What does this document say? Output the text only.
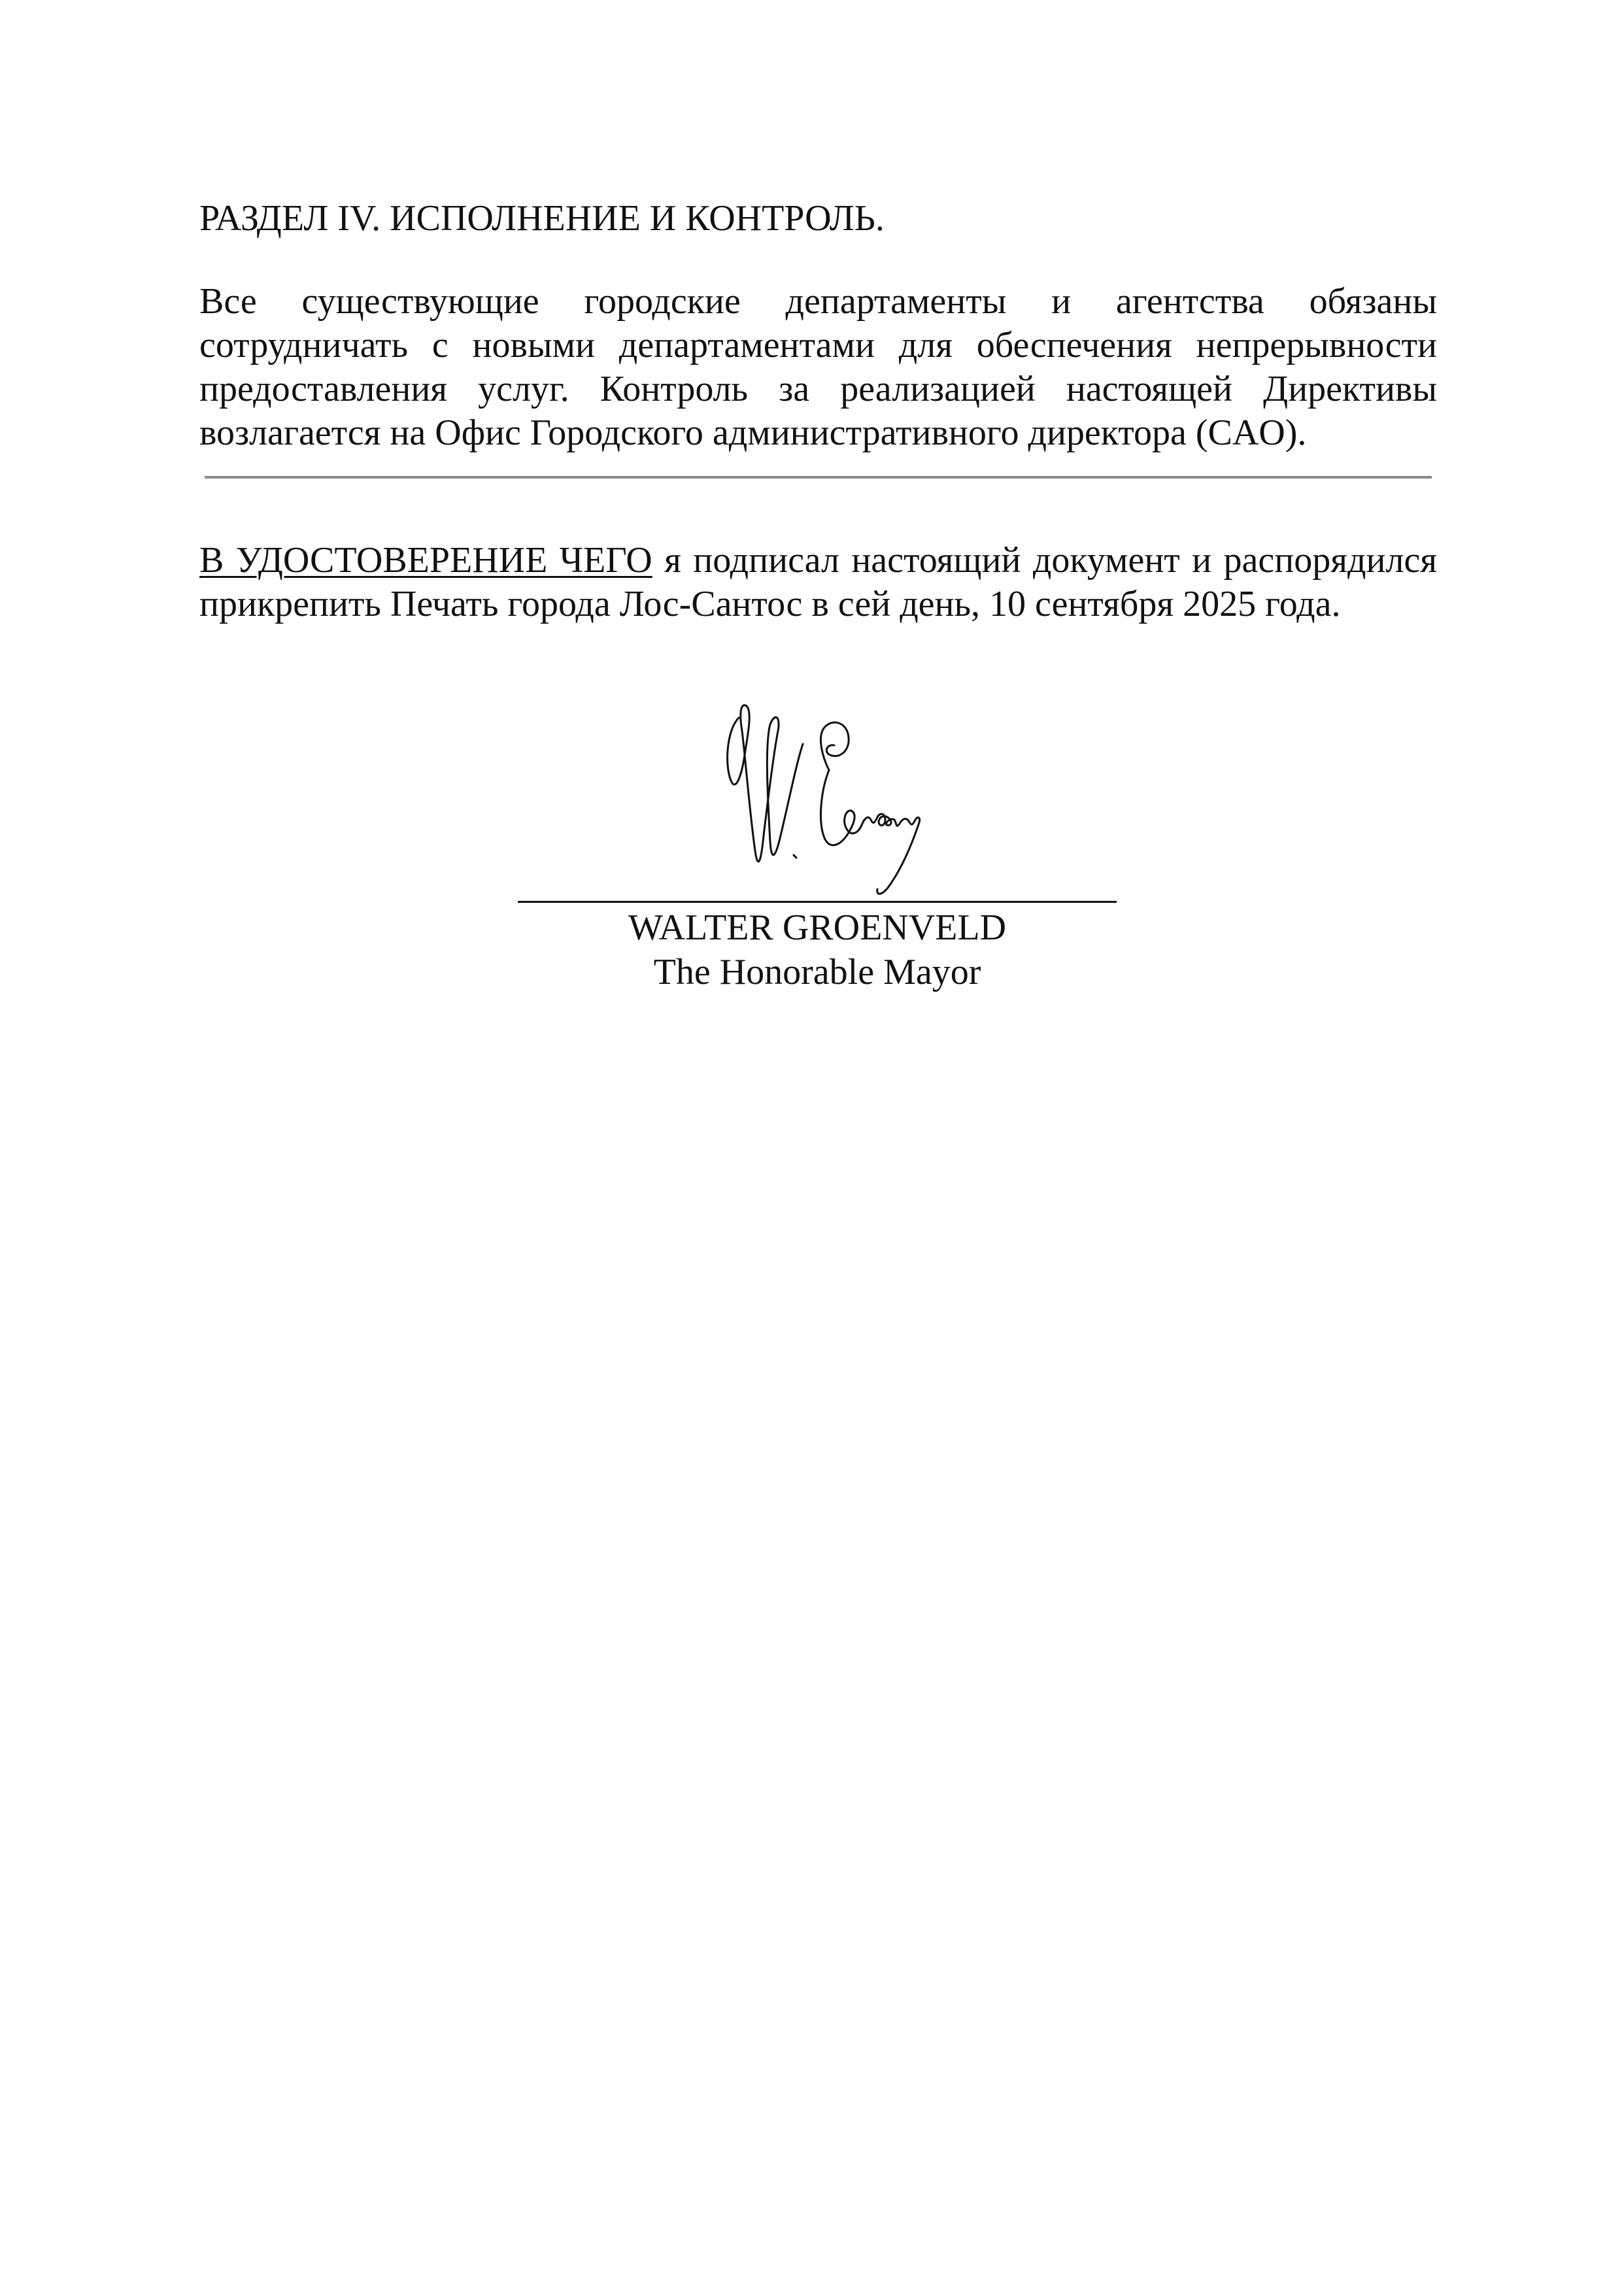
РАЗДЕЛ IV. ИСПОЛНЕНИЕ И КОНТРОЛЬ.

Все существующие городские департаменты и агентства обязаны сотрудничать с новыми департаментами для обеспечения непрерывности предоставления услуг. Контроль за реализацией настоящей Директивы возлагается на Офис Городского административного директора (CAO).

В УДОСТОВЕРЕНИЕ ЧЕГО я подписал настоящий документ и распорядился прикрепить Печать города Лос-Сантос в сей день, 10 сентября 2025 года.

WALTER GROENVELD
The Honorable Mayor
